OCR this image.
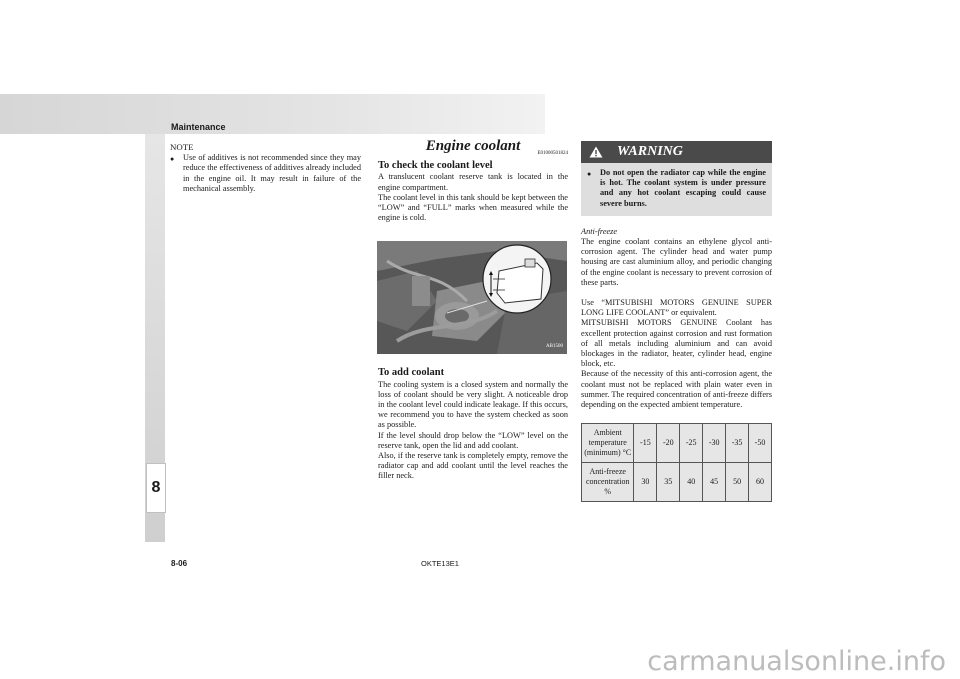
Maintenance
8
NOTE
●	Use of additives is not recommended since they may reduce the effectiveness of additives already included in the engine oil. It may result in failure of the mechanical assembly.
Engine coolant	E01000501824
To check the coolant level

A translucent coolant reserve tank is located in the engine compartment.

The coolant level in this tank should be kept between the “LOW” and “FULL” marks when measured while the engine is cold.

AB1500
To add coolant

The cooling system is a closed system and normally the loss of coolant should be very slight. A noticeable drop in the coolant level could indicate leakage. If this occurs, we recommend you to have the system checked as soon as possible.

If the level should drop below the “LOW” level on the reserve tank, open the lid and add coolant.

Also, if the reserve tank is completely empty, remove the radiator cap and add coolant until the level reaches the filler neck.

WARNING
●	Do not open the radiator cap while the engine is hot. The coolant system is under pressure and any hot coolant escaping could cause severe burns.

Anti-freeze

The engine coolant contains an ethylene glycol anti-corrosion agent. The cylinder head and water pump housing are cast aluminium alloy, and periodic changing of the engine coolant is necessary to prevent corrosion of these parts.

Use “MITSUBISHI MOTORS GENUINE SUPER LONG LIFE COOLANT” or equivalent.

MITSUBISHI MOTORS GENUINE Coolant has excellent protection against corrosion and rust formation of all metals including aluminium and can avoid blockages in the radiator, heater, cylinder head, engine block, etc.

Because of the necessity of this anti-corrosion agent, the coolant must not be replaced with plain water even in summer. The required concentration of anti-freeze differs depending on the expected ambient temperature.

Ambient temperature (minimum) °C	-15	-20	-25	-30	-35	-50
Anti-freeze concentration %	30	35	40	45	50	60
8-06	OKTE13E1
carmanualsonline.info
